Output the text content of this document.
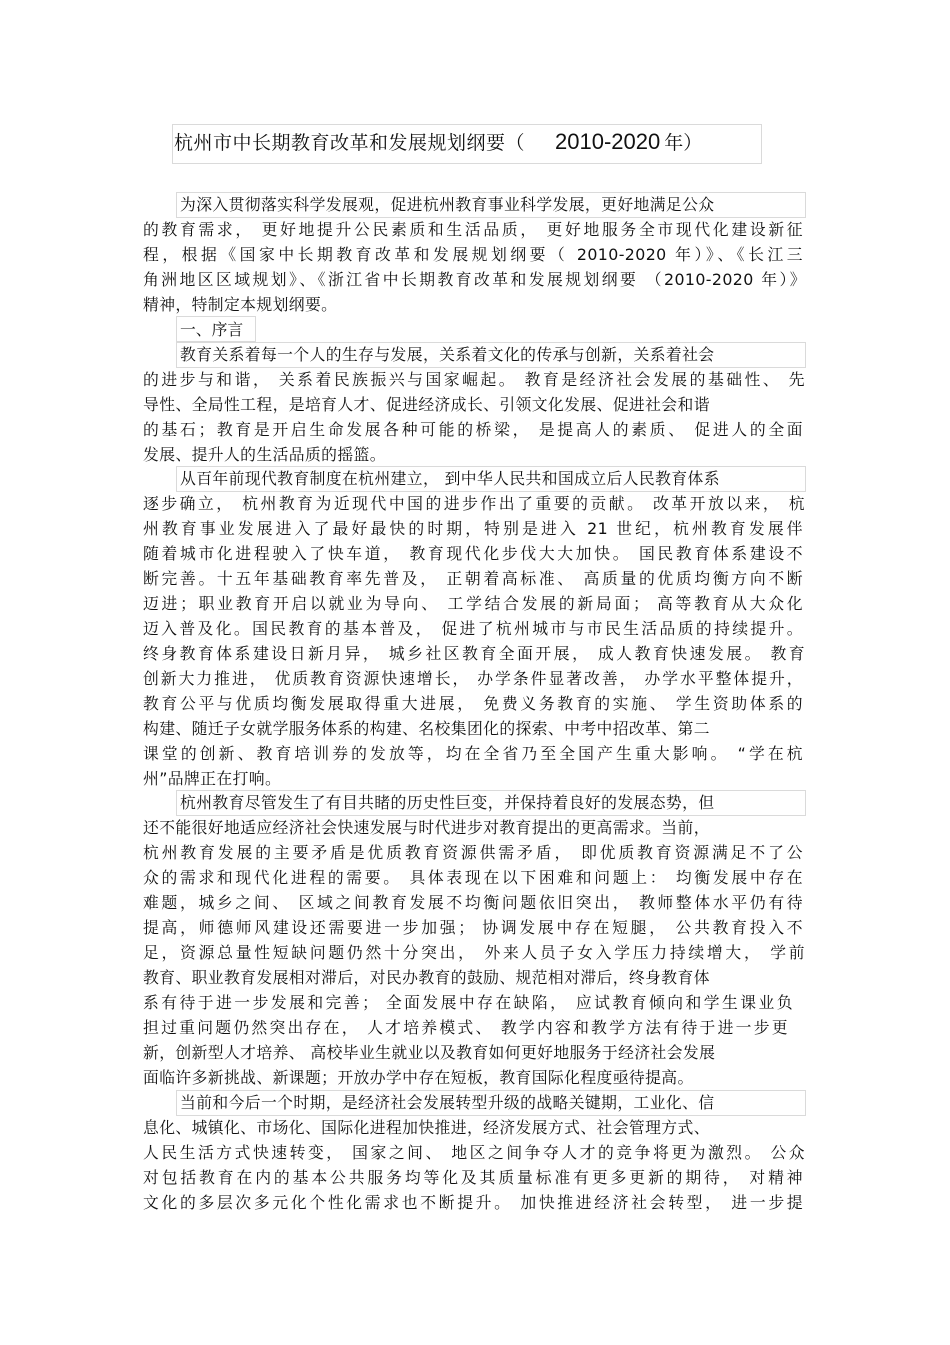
杭州市中长期教育改革和发展规划纲要（ 2010-2020 年）
为深入贯彻落实科学发展观，促进杭州教育事业科学发展，更好地满足公众
的教育需求， 更好地提升公民素质和生活品质， 更好地服务全市现代化建设新征
程，根据《国家中长期教育改革和发展规划纲要（ 2010-2020 年）》、《长江三
角洲地区区域规划》、《浙江省中长期教育改革和发展规划纲要 （2010-2020 年）》
精神，特制定本规划纲要。
一、序言
教育关系着每一个人的生存与发展，关系着文化的传承与创新，关系着社会
的进步与和谐， 关系着民族振兴与国家崛起。 教育是经济社会发展的基础性、 先
导性、全局性工程，是培育人才、促进经济成长、引领文化发展、促进社会和谐
的基石；教育是开启生命发展各种可能的桥梁， 是提高人的素质、 促进人的全面
发展、提升人的生活品质的摇篮。
从百年前现代教育制度在杭州建立， 到中华人民共和国成立后人民教育体系
逐步确立， 杭州教育为近现代中国的进步作出了重要的贡献。 改革开放以来， 杭
州教育事业发展进入了最好最快的时期，特别是进入 21 世纪，杭州教育发展伴
随着城市化进程驶入了快车道， 教育现代化步伐大大加快。 国民教育体系建设不
断完善。十五年基础教育率先普及， 正朝着高标准、 高质量的优质均衡方向不断
迈进；职业教育开启以就业为导向、 工学结合发展的新局面； 高等教育从大众化
迈入普及化。国民教育的基本普及， 促进了杭州城市与市民生活品质的持续提升。
终身教育体系建设日新月异， 城乡社区教育全面开展， 成人教育快速发展。 教育
创新大力推进， 优质教育资源快速增长， 办学条件显著改善， 办学水平整体提升，
教育公平与优质均衡发展取得重大进展， 免费义务教育的实施、 学生资助体系的
构建、随迁子女就学服务体系的构建、名校集团化的探索、中考中招改革、第二
课堂的创新、教育培训券的发放等，均在全省乃至全国产生重大影响。 “学在杭
州”品牌正在打响。
杭州教育尽管发生了有目共睹的历史性巨变，并保持着良好的发展态势，但
还不能很好地适应经济社会快速发展与时代进步对教育提出的更高需求。当前，
杭州教育发展的主要矛盾是优质教育资源供需矛盾， 即优质教育资源满足不了公
众的需求和现代化进程的需要。 具体表现在以下困难和问题上： 均衡发展中存在
难题，城乡之间、 区域之间教育发展不均衡问题依旧突出， 教师整体水平仍有待
提高，师德师风建设还需要进一步加强； 协调发展中存在短腿， 公共教育投入不
足，资源总量性短缺问题仍然十分突出， 外来人员子女入学压力持续增大， 学前
教育、职业教育发展相对滞后，对民办教育的鼓励、规范相对滞后，终身教育体
系有待于进一步发展和完善； 全面发展中存在缺陷， 应试教育倾向和学生课业负
担过重问题仍然突出存在， 人才培养模式、 教学内容和教学方法有待于进一步更
新，创新型人才培养、 高校毕业生就业以及教育如何更好地服务于经济社会发展
面临许多新挑战、新课题；开放办学中存在短板，教育国际化程度亟待提高。
当前和今后一个时期，是经济社会发展转型升级的战略关键期，工业化、信
息化、城镇化、市场化、国际化进程加快推进，经济发展方式、社会管理方式、
人民生活方式快速转变， 国家之间、 地区之间争夺人才的竞争将更为激烈。 公众
对包括教育在内的基本公共服务均等化及其质量标准有更多更新的期待， 对精神
文化的多层次多元化个性化需求也不断提升。 加快推进经济社会转型， 进一步提
